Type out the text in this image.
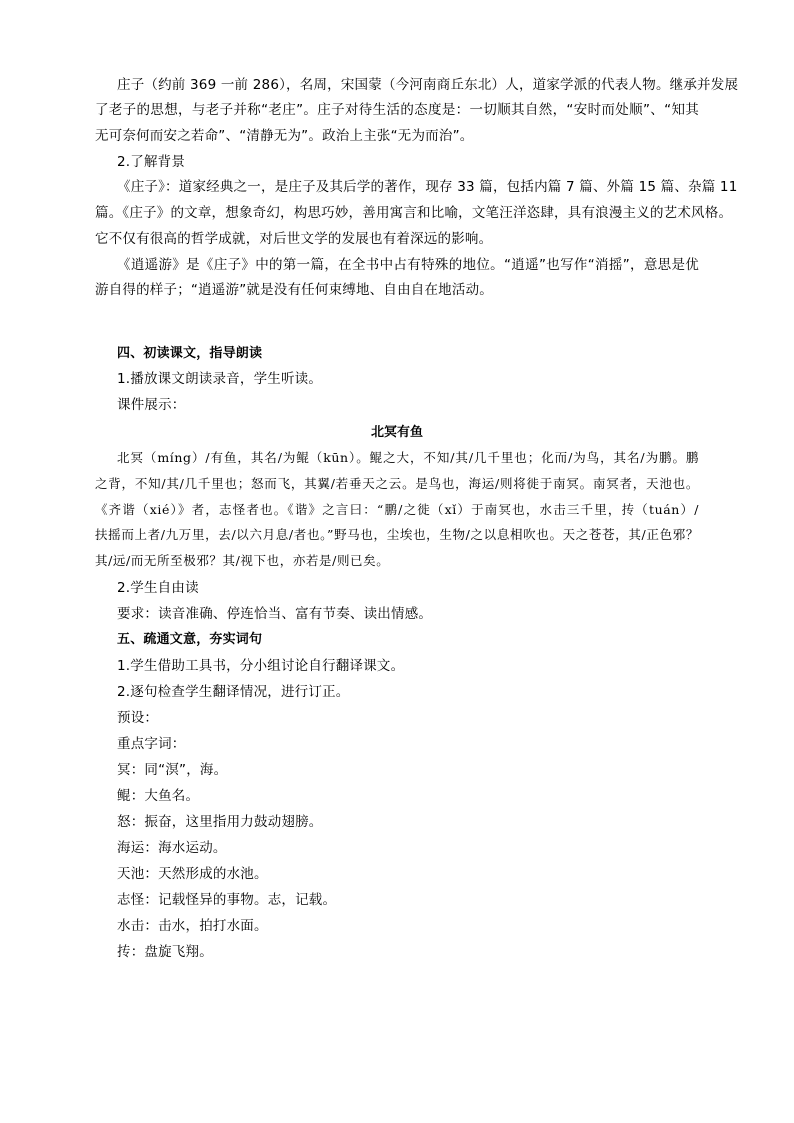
庄子（约前 369 一前 286），名周，宋国蒙（今河南商丘东北）人，道家学派的代表人物。继承并发展
了老子的思想，与老子并称“老庄”。庄子对待生活的态度是：一切顺其自然，“安时而处顺”、“知其
无可奈何而安之若命”、“清静无为”。政治上主张“无为而治”。
2.了解背景
《庄子》：道家经典之一，是庄子及其后学的著作，现存 33 篇，包括内篇 7 篇、外篇 15 篇、杂篇 11
篇。《庄子》的文章，想象奇幻，构思巧妙，善用寓言和比喻，文笔汪洋恣肆，具有浪漫主义的艺术风格。
它不仅有很高的哲学成就，对后世文学的发展也有着深远的影响。
《逍遥游》是《庄子》中的第一篇，在全书中占有特殊的地位。“逍遥”也写作“消摇”，意思是优
游自得的样子；“逍遥游”就是没有任何束缚地、自由自在地活动。
四、初读课文，指导朗读
1.播放课文朗读录音，学生听读。
课件展示：
北冥有鱼
北冥（míng）/有鱼，其名/为鲲（kūn）。鲲之大，不知/其/几千里也；化而/为鸟，其名/为鹏。鹏
之背，不知/其/几千里也；怒而飞，其翼/若垂天之云。是鸟也，海运/则将徙于南冥。南冥者，天池也。
《齐谐（xié）》者，志怪者也。《谐》之言曰：“鹏/之徙（xǐ）于南冥也，水击三千里，抟（tuán）/
扶摇而上者/九万里，去/以六月息/者也。”野马也，尘埃也，生物/之以息相吹也。天之苍苍，其/正色邪？
其/远/而无所至极邪？其/视下也，亦若是/则已矣。
2.学生自由读
要求：读音准确、停连恰当、富有节奏、读出情感。
五、疏通文意，夯实词句
1.学生借助工具书，分小组讨论自行翻译课文。
2.逐句检查学生翻译情况，进行订正。
预设：
重点字词：
冥：同“溟”，海。
鲲：大鱼名。
怒：振奋，这里指用力鼓动翅膀。
海运：海水运动。
天池：天然形成的水池。
志怪：记载怪异的事物。志，记载。
水击：击水，拍打水面。
抟：盘旋飞翔。
